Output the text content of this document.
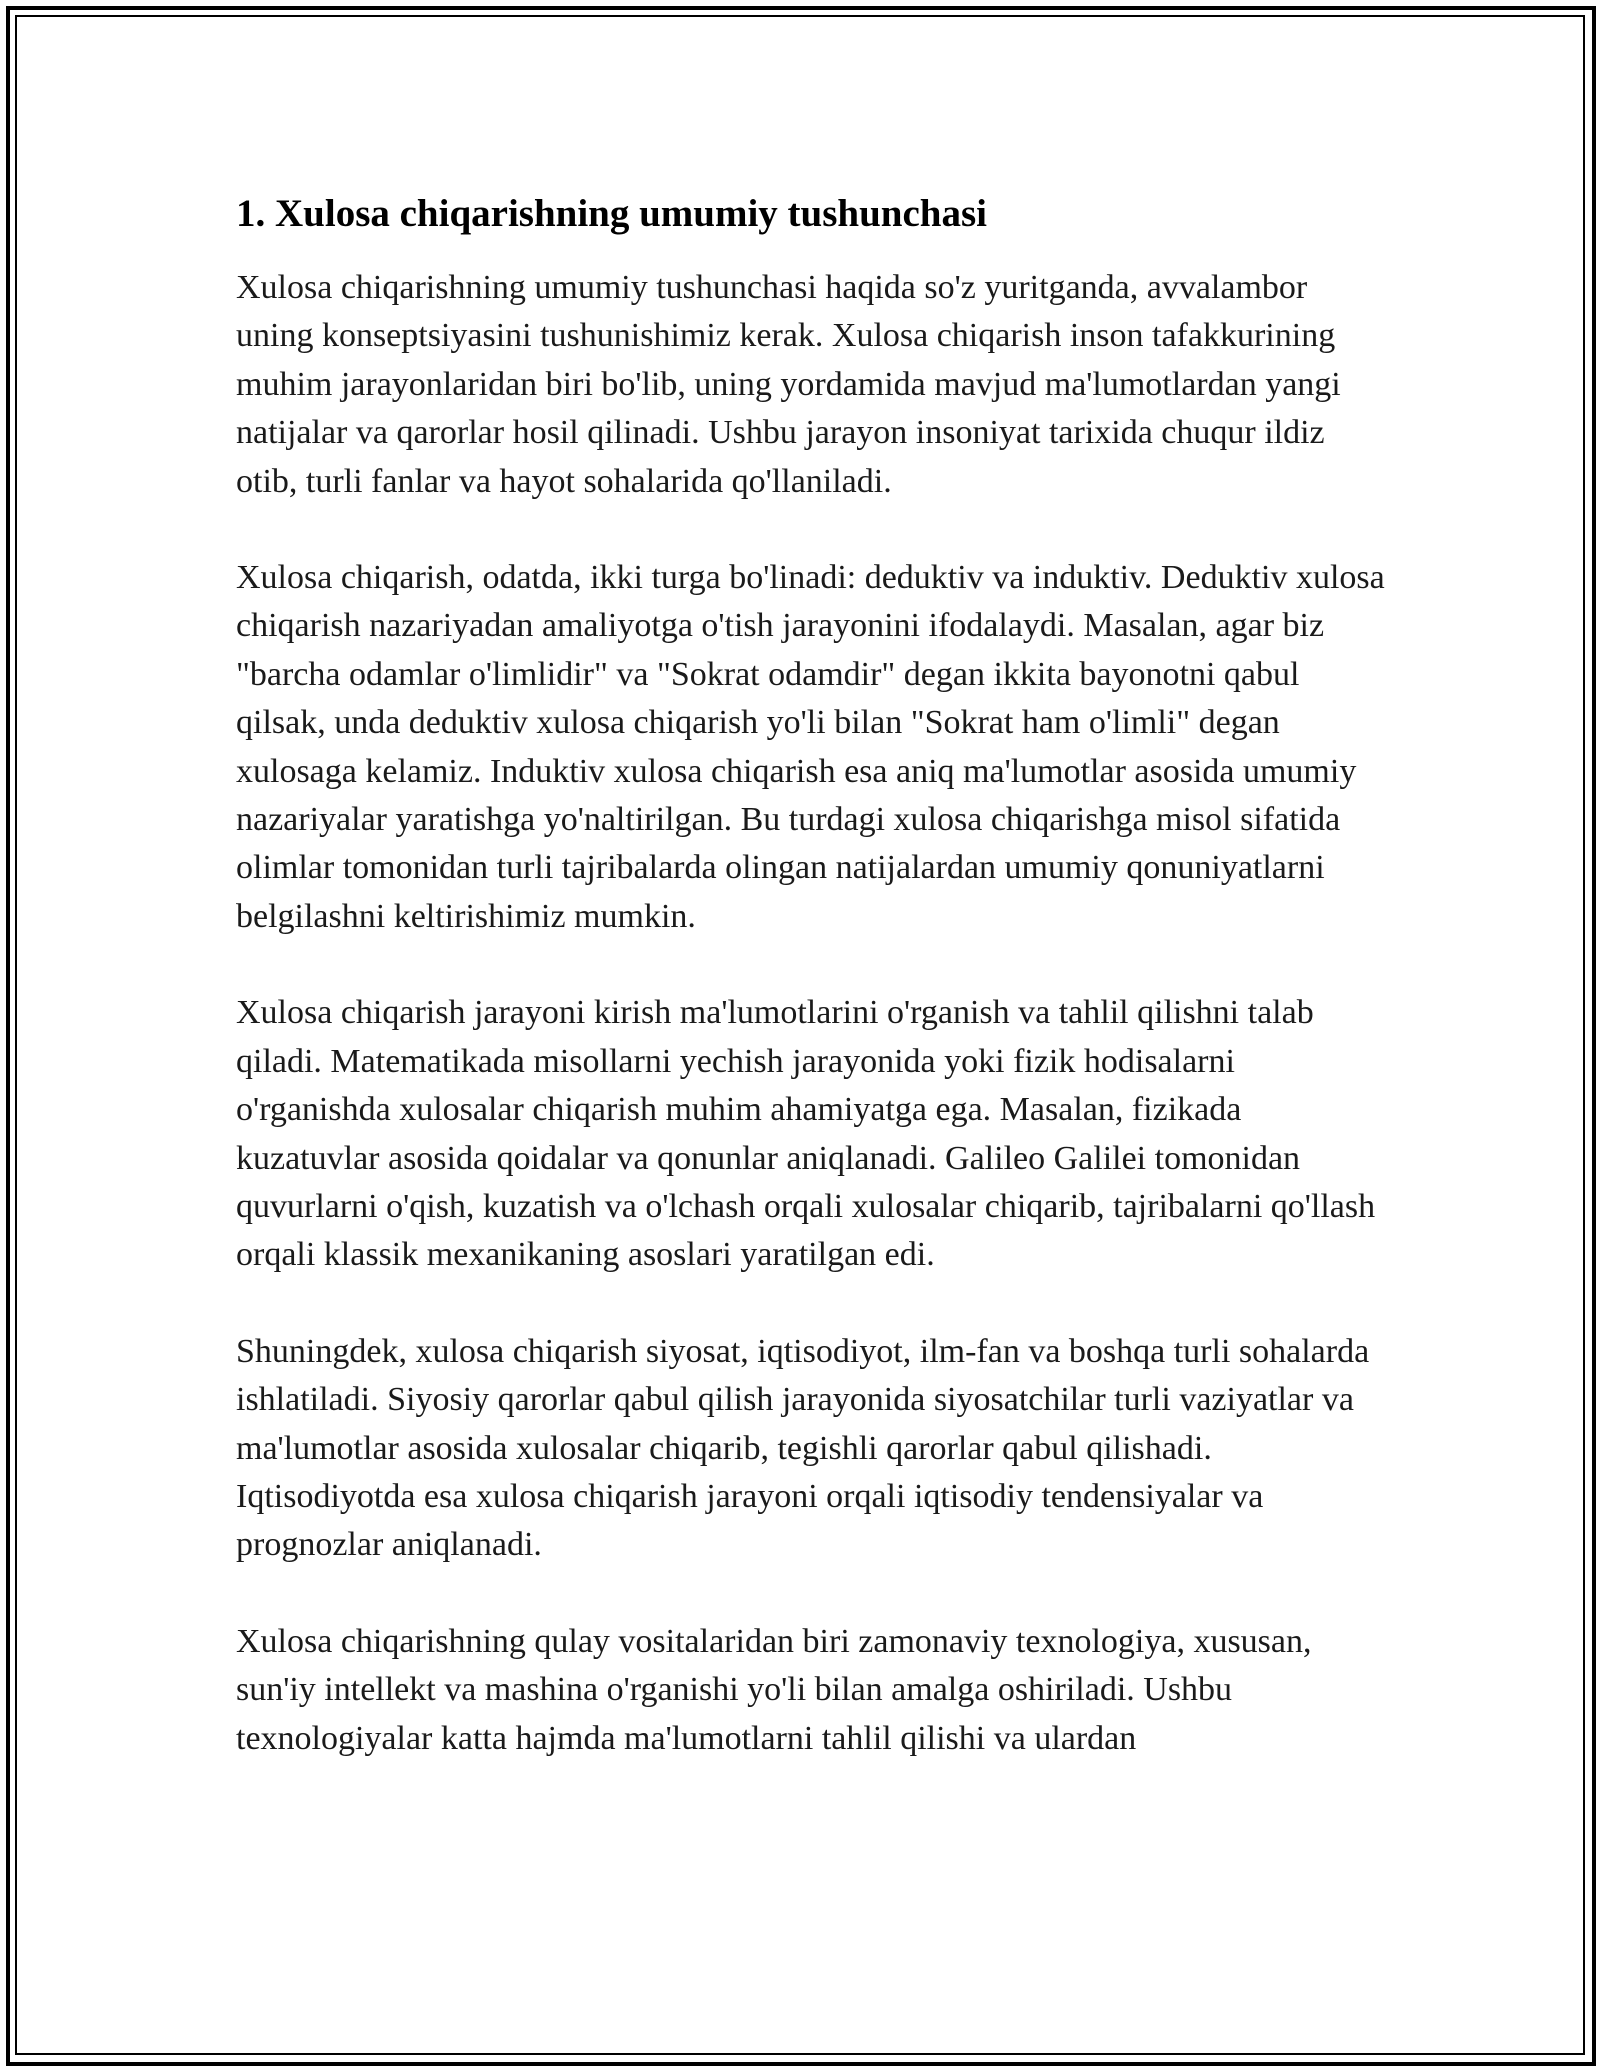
1. Xulosa chiqarishning umumiy tushunchasi

Xulosa chiqarishning umumiy tushunchasi haqida so'z yuritganda, avvalambor uning konseptsiyasini tushunishimiz kerak. Xulosa chiqarish inson tafakkurining muhim jarayonlaridan biri bo'lib, uning yordamida mavjud ma'lumotlardan yangi natijalar va qarorlar hosil qilinadi. Ushbu jarayon insoniyat tarixida chuqur ildiz otib, turli fanlar va hayot sohalarida qo'llaniladi.

Xulosa chiqarish, odatda, ikki turga bo'linadi: deduktiv va induktiv. Deduktiv xulosa chiqarish nazariyadan amaliyotga o'tish jarayonini ifodalaydi. Masalan, agar biz "barcha odamlar o'limlidir" va "Sokrat odamdir" degan ikkita bayonotni qabul qilsak, unda deduktiv xulosa chiqarish yo'li bilan "Sokrat ham o'limli" degan xulosaga kelamiz. Induktiv xulosa chiqarish esa aniq ma'lumotlar asosida umumiy nazariyalar yaratishga yo'naltirilgan. Bu turdagi xulosa chiqarishga misol sifatida olimlar tomonidan turli tajribalarda olingan natijalardan umumiy qonuniyatlarni belgilashni keltirishimiz mumkin.

Xulosa chiqarish jarayoni kirish ma'lumotlarini o'rganish va tahlil qilishni talab qiladi. Matematikada misollarni yechish jarayonida yoki fizik hodisalarni o'rganishda xulosalar chiqarish muhim ahamiyatga ega. Masalan, fizikada kuzatuvlar asosida qoidalar va qonunlar aniqlanadi. Galileo Galilei tomonidan quvurlarni o'qish, kuzatish va o'lchash orqali xulosalar chiqarib, tajribalarni qo'llash orqali klassik mexanikaning asoslari yaratilgan edi.

Shuningdek, xulosa chiqarish siyosat, iqtisodiyot, ilm-fan va boshqa turli sohalarda ishlatiladi. Siyosiy qarorlar qabul qilish jarayonida siyosatchilar turli vaziyatlar va ma'lumotlar asosida xulosalar chiqarib, tegishli qarorlar qabul qilishadi. Iqtisodiyotda esa xulosa chiqarish jarayoni orqali iqtisodiy tendensiyalar va prognozlar aniqlanadi.

Xulosa chiqarishning qulay vositalaridan biri zamonaviy texnologiya, xususan, sun'iy intellekt va mashina o'rganishi yo'li bilan amalga oshiriladi. Ushbu texnologiyalar katta hajmda ma'lumotlarni tahlil qilishi va ulardan
